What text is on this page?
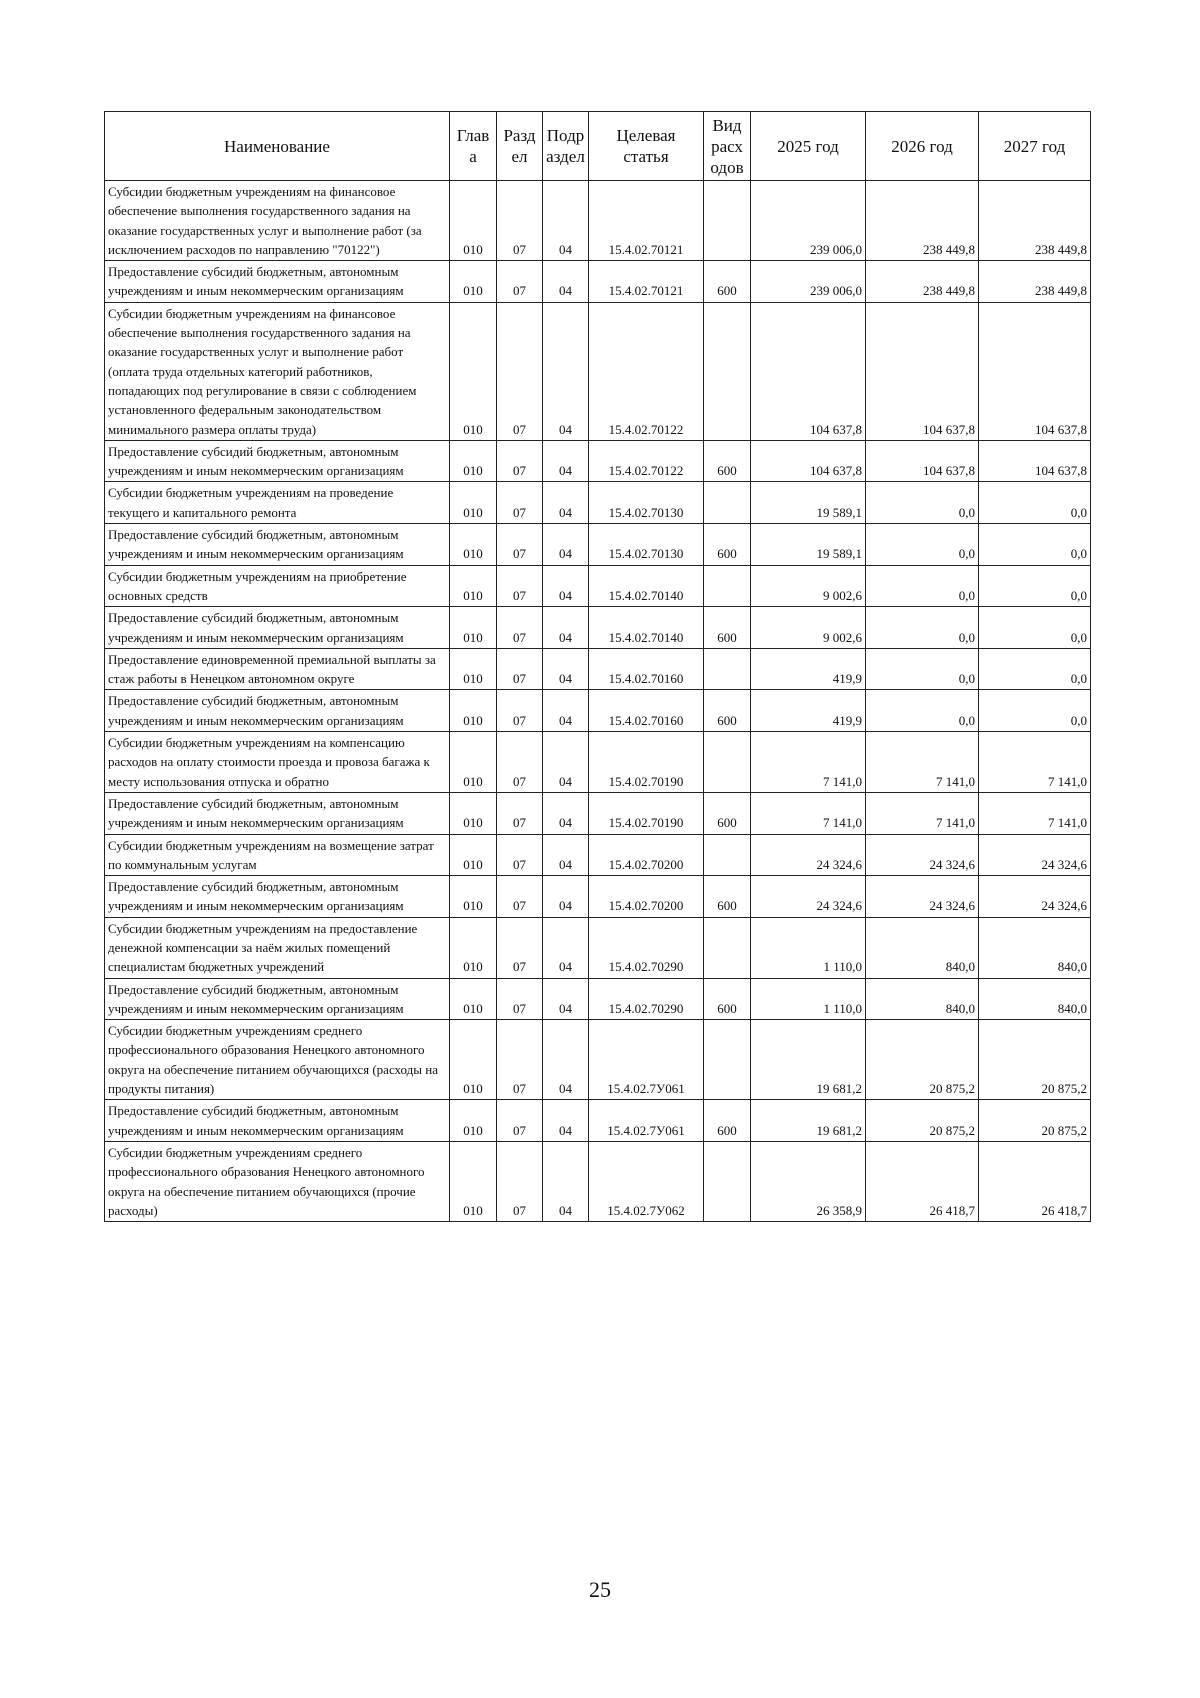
Наименование	Глав а	Разд ел	Подр аздел	Целевая статья	Вид расх одов	2025 год	2026 год	2027 год
Субсидии бюджетным учреждениям на финансовое обеспечение выполнения государственного задания на оказание государственных услуг и выполнение работ (за исключением расходов по направлению "70122")	010	07	04	15.4.02.70121		239 006,0	238 449,8	238 449,8
Предоставление субсидий бюджетным, автономным учреждениям и иным некоммерческим организациям	010	07	04	15.4.02.70121	600	239 006,0	238 449,8	238 449,8
Субсидии бюджетным учреждениям на финансовое обеспечение выполнения государственного задания на оказание государственных услуг и выполнение работ (оплата труда отдельных категорий работников, попадающих под регулирование в связи с соблюдением установленного федеральным законодательством минимального размера оплаты труда)	010	07	04	15.4.02.70122		104 637,8	104 637,8	104 637,8
Предоставление субсидий бюджетным, автономным учреждениям и иным некоммерческим организациям	010	07	04	15.4.02.70122	600	104 637,8	104 637,8	104 637,8
Субсидии бюджетным учреждениям на проведение текущего и капитального ремонта	010	07	04	15.4.02.70130		19 589,1	0,0	0,0
Предоставление субсидий бюджетным, автономным учреждениям и иным некоммерческим организациям	010	07	04	15.4.02.70130	600	19 589,1	0,0	0,0
Субсидии бюджетным учреждениям на приобретение основных средств	010	07	04	15.4.02.70140		9 002,6	0,0	0,0
Предоставление субсидий бюджетным, автономным учреждениям и иным некоммерческим организациям	010	07	04	15.4.02.70140	600	9 002,6	0,0	0,0
Предоставление единовременной премиальной выплаты за стаж работы в Ненецком автономном округе	010	07	04	15.4.02.70160		419,9	0,0	0,0
Предоставление субсидий бюджетным, автономным учреждениям и иным некоммерческим организациям	010	07	04	15.4.02.70160	600	419,9	0,0	0,0
Субсидии бюджетным учреждениям на компенсацию расходов на оплату стоимости проезда и провоза багажа к месту использования отпуска и обратно	010	07	04	15.4.02.70190		7 141,0	7 141,0	7 141,0
Предоставление субсидий бюджетным, автономным учреждениям и иным некоммерческим организациям	010	07	04	15.4.02.70190	600	7 141,0	7 141,0	7 141,0
Субсидии бюджетным учреждениям на возмещение затрат по коммунальным услугам	010	07	04	15.4.02.70200		24 324,6	24 324,6	24 324,6
Предоставление субсидий бюджетным, автономным учреждениям и иным некоммерческим организациям	010	07	04	15.4.02.70200	600	24 324,6	24 324,6	24 324,6
Субсидии бюджетным учреждениям на предоставление денежной компенсации за наём жилых помещений специалистам бюджетных учреждений	010	07	04	15.4.02.70290		1 110,0	840,0	840,0
Предоставление субсидий бюджетным, автономным учреждениям и иным некоммерческим организациям	010	07	04	15.4.02.70290	600	1 110,0	840,0	840,0
Субсидии бюджетным учреждениям среднего профессионального образования Ненецкого автономного округа на обеспечение питанием обучающихся (расходы на продукты питания)	010	07	04	15.4.02.7У061		19 681,2	20 875,2	20 875,2
Предоставление субсидий бюджетным, автономным учреждениям и иным некоммерческим организациям	010	07	04	15.4.02.7У061	600	19 681,2	20 875,2	20 875,2
Субсидии бюджетным учреждениям среднего профессионального образования Ненецкого автономного округа на обеспечение питанием обучающихся (прочие расходы)	010	07	04	15.4.02.7У062		26 358,9	26 418,7	26 418,7
25
